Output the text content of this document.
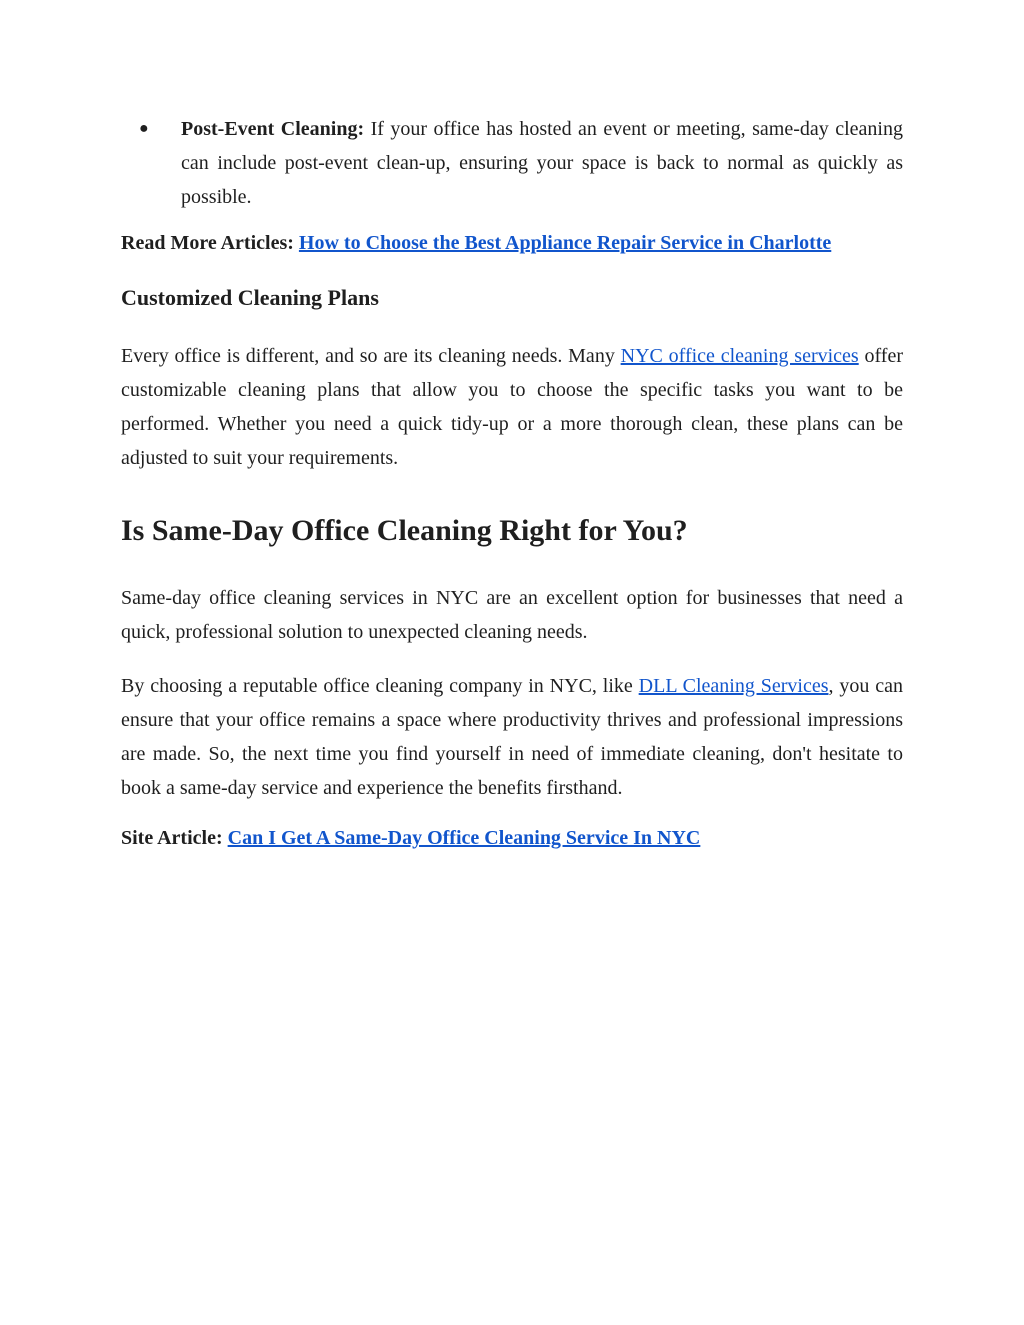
● Post-Event Cleaning: If your office has hosted an event or meeting, same-day cleaning can include post-event clean-up, ensuring your space is back to normal as quickly as possible.

Read More Articles: How to Choose the Best Appliance Repair Service in Charlotte

Customized Cleaning Plans

Every office is different, and so are its cleaning needs. Many NYC office cleaning services offer customizable cleaning plans that allow you to choose the specific tasks you want to be performed. Whether you need a quick tidy-up or a more thorough clean, these plans can be adjusted to suit your requirements.

Is Same-Day Office Cleaning Right for You?

Same-day office cleaning services in NYC are an excellent option for businesses that need a quick, professional solution to unexpected cleaning needs.

By choosing a reputable office cleaning company in NYC, like DLL Cleaning Services, you can ensure that your office remains a space where productivity thrives and professional impressions are made. So, the next time you find yourself in need of immediate cleaning, don't hesitate to book a same-day service and experience the benefits firsthand.

Site Article: Can I Get A Same-Day Office Cleaning Service In NYC
